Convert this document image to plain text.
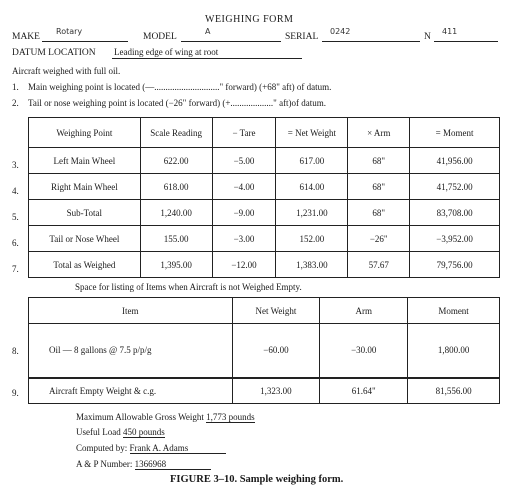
WEIGHING FORM
MAKE
Rotary
MODEL
A
SERIAL
0242
N
411
DATUM LOCATION Leading edge of wing at root
Aircraft weighed with full oil.
1. Main weighing point is located (—............................." forward) (+68" aft) of datum.
2. Tail or nose weighing point is located (−26" forward) (+..................." aft)of datum.
Weighing Point	Scale Reading	− Tare	= Net Weight	× Arm	= Moment
Left Main Wheel	622.00	−5.00	617.00	68"	41,956.00
Right Main Wheel	618.00	−4.00	614.00	68"	41,752.00
Sub-Total	1,240.00	−9.00	1,231.00	68"	83,708.00
Tail or Nose Wheel	155.00	−3.00	152.00	−26"	−3,952.00
Total as Weighed	1,395.00	−12.00	1,383.00	57.67	79,756.00
3.
4.
5.
6.
7.
Space for listing of Items when Aircraft is not Weighed Empty.
Item	Net Weight	Arm	Moment
Oil — 8 gallons @ 7.5 p/p/g	−60.00	−30.00	1,800.00
Aircraft Empty Weight & c.g.	1,323.00	61.64"	81,556.00
8.
9.
Maximum Allowable Gross Weight 1,773 pounds
Useful Load 450 pounds
Computed by: Frank A. Adams
A & P Number: 1366968
FIGURE 3–10. Sample weighing form.
